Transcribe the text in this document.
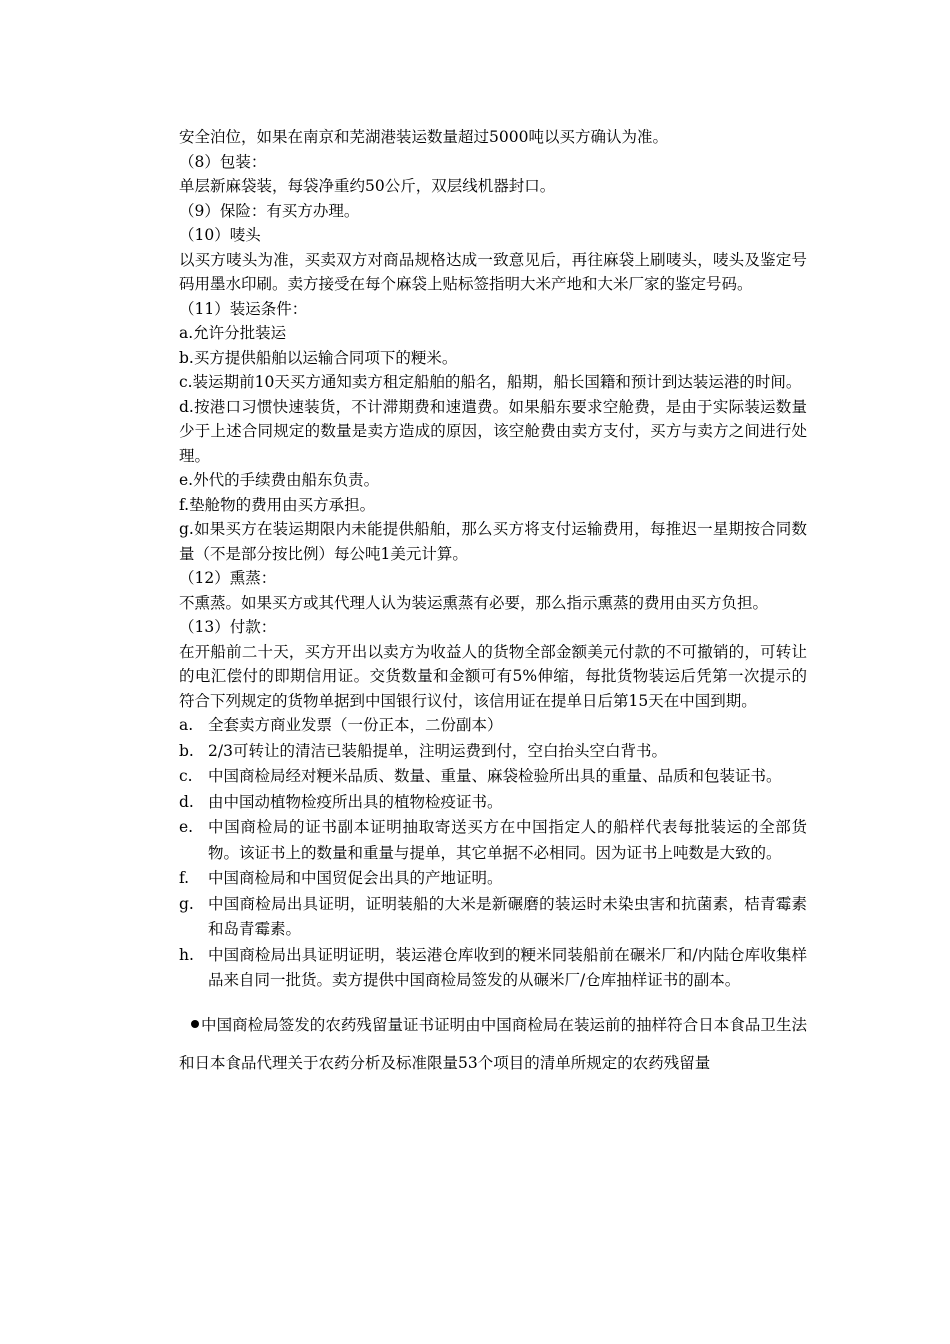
安全泊位，如果在南京和芜湖港装运数量超过5000吨以买方确认为准。

（8）包装：

单层新麻袋装，每袋净重约50公斤，双层线机器封口。

（9）保险：有买方办理。

（10）唛头

以买方唛头为准，买卖双方对商品规格达成一致意见后，再往麻袋上刷唛头，唛头及鉴定号码用墨水印刷。卖方接受在每个麻袋上贴标签指明大米产地和大米厂家的鉴定号码。

（11）装运条件：

a.允许分批装运

b.买方提供船舶以运输合同项下的粳米。

c.装运期前10天买方通知卖方租定船舶的船名，船期，船长国籍和预计到达装运港的时间。

d.按港口习惯快速装货，不计滞期费和速遣费。如果船东要求空舱费，是由于实际装运数量少于上述合同规定的数量是卖方造成的原因，该空舱费由卖方支付，买方与卖方之间进行处理。

e.外代的手续费由船东负责。

f.垫舱物的费用由买方承担。

g.如果买方在装运期限内未能提供船舶，那么买方将支付运输费用，每推迟一星期按合同数量（不是部分按比例）每公吨1美元计算。

（12）熏蒸：

不熏蒸。如果买方或其代理人认为装运熏蒸有必要，那么指示熏蒸的费用由买方负担。

（13）付款：

在开船前二十天，买方开出以卖方为收益人的货物全部金额美元付款的不可撤销的，可转让的电汇偿付的即期信用证。交货数量和金额可有5%伸缩，每批货物装运后凭第一次提示的符合下列规定的货物单据到中国银行议付，该信用证在提单日后第15天在中国到期。

a. 全套卖方商业发票（一份正本，二份副本）
b. 2/3可转让的清洁已装船提单，注明运费到付，空白抬头空白背书。
c. 中国商检局经对粳米品质、数量、重量、麻袋检验所出具的重量、品质和包装证书。
d. 由中国动植物检疫所出具的植物检疫证书。
e. 中国商检局的证书副本证明抽取寄送买方在中国指定人的船样代表每批装运的全部货物。该证书上的数量和重量与提单，其它单据不必相同。因为证书上吨数是大致的。
f. 中国商检局和中国贸促会出具的产地证明。
g. 中国商检局出具证明，证明装船的大米是新碾磨的装运时未染虫害和抗菌素，桔青霉素和岛青霉素。
h. 中国商检局出具证明证明，装运港仓库收到的粳米同装船前在碾米厂和/内陆仓库收集样品来自同一批货。卖方提供中国商检局签发的从碾米厂/仓库抽样证书的副本。

中国商检局签发的农药残留量证书证明由中国商检局在装运前的抽样符合日本食品卫生法和日本食品代理关于农药分析及标准限量53个项目的清单所规定的农药残留量
